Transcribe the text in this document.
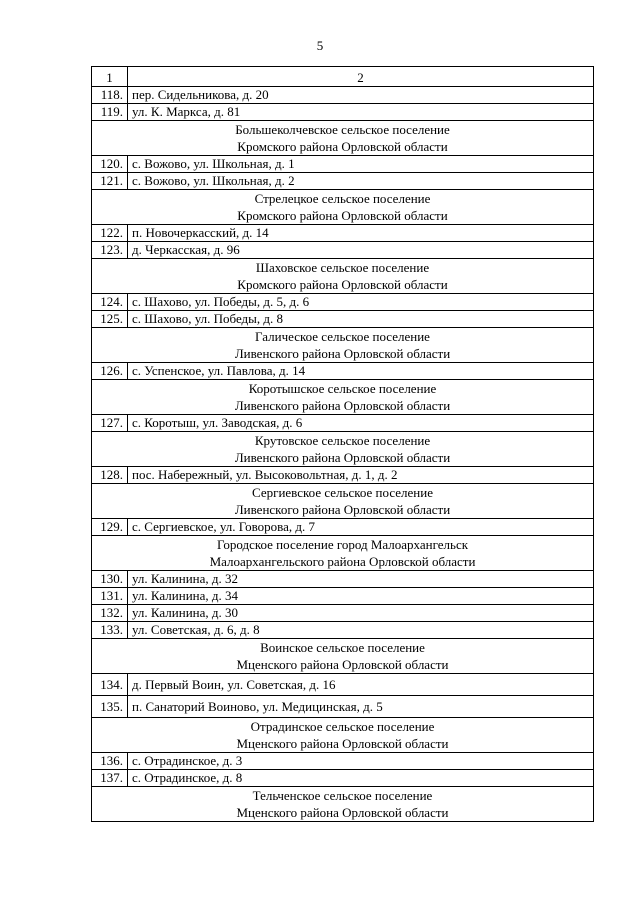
5
1	2
118.	пер. Сидельникова, д. 20
119.	ул. К. Маркса, д. 81

Большеколчевское сельское поселение
Кромского района Орловской области	

120.	с. Вожово, ул. Школьная, д. 1
121.	с. Вожово, ул. Школьная, д. 2

Стрелецкое сельское поселение
Кромского района Орловской области	

122.	п. Новочеркасский, д. 14
123.	д. Черкасская, д. 96

Шаховское сельское поселение
Кромского района Орловской области	

124.	с. Шахово, ул. Победы, д. 5, д. 6
125.	с. Шахово, ул. Победы, д. 8

Галическое сельское поселение
Ливенского района Орловской области	

126.	с. Успенское, ул. Павлова, д. 14

Коротышское сельское поселение
Ливенского района Орловской области	

127.	с. Коротыш, ул. Заводская, д. 6

Крутовское сельское поселение
Ливенского района Орловской области	

128.	пос. Набережный, ул. Высоковольтная, д. 1, д. 2

Сергиевское сельское поселение
Ливенского района Орловской области	

129.	с. Сергиевское, ул. Говорова, д. 7

Городское поселение город Малоархангельск
Малоархангельского района Орловской области	

130.	ул. Калинина, д. 32
131.	ул. Калинина, д. 34
132.	ул. Калинина, д. 30
133.	ул. Советская, д. 6, д. 8

Воинское сельское поселение
Мценского района Орловской области	

134.	д. Первый Воин, ул. Советская, д. 16
135.	п. Санаторий Воиново, ул. Медицинская, д. 5

Отрадинское сельское поселение
Мценского района Орловской области	

136.	с. Отрадинское, д. 3
137.	с. Отрадинское, д. 8

Тельченское сельское поселение
Мценского района Орловской области	
